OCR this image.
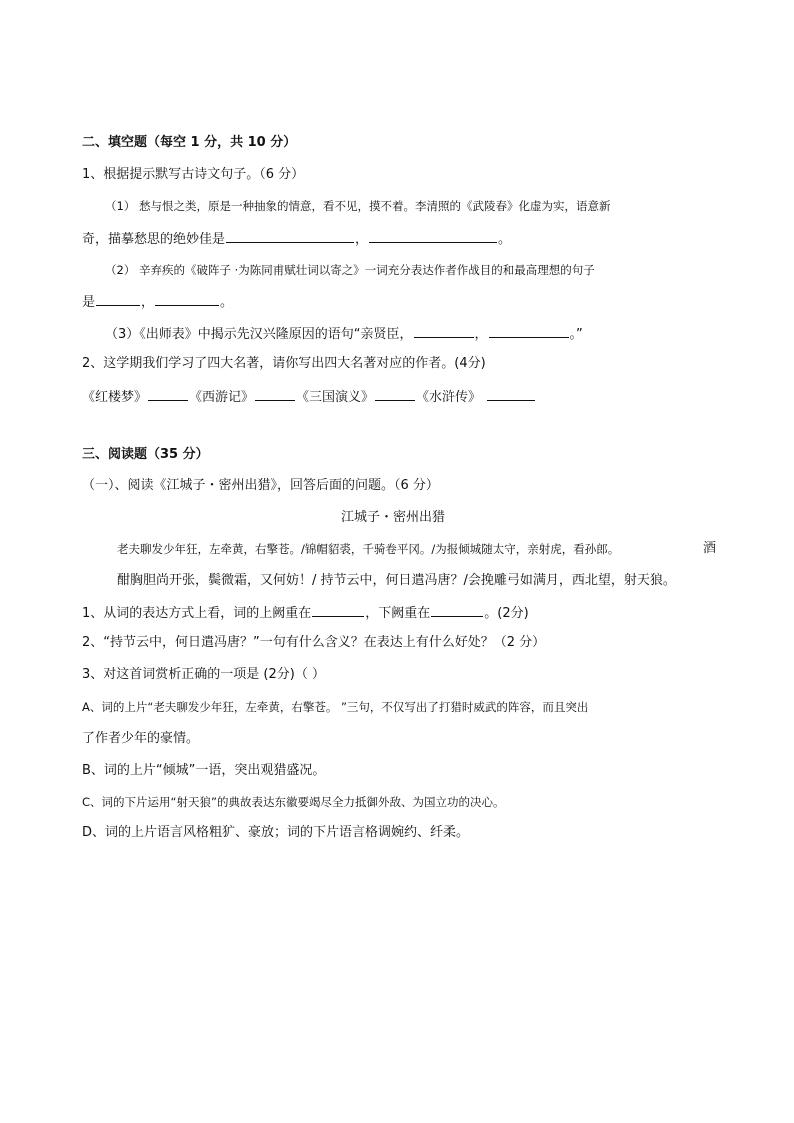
二、填空题（每空 1 分，共 10 分）
1、根据提示默写古诗文句子。（6 分）
（1） 愁与恨之类，原是一种抽象的情意，看不见，摸不着。李清照的《武陵春》化虚为实，语意新
奇，描摹愁思的绝妙佳是	，	。
（2） 辛弃疾的《破阵子 ·为陈同甫赋壮词以寄之》一词充分表达作者作战目的和最高理想的句子
是	，	。
（3）《出师表》中揭示先汉兴隆原因的语句“亲贤臣，	，	。”
2、这学期我们学习了四大名著，请你写出四大名著对应的作者。(4分)
《红楼梦》	《西游记》	《三国演义》	《水浒传》
三、阅读题（35 分）
（一）、阅读《江城子・密州出猎》，回答后面的问题。（6 分）
江城子・密州出猎
老夫聊发少年狂，左牵黄，右擎苍。/锦帽貂裘，千骑卷平冈。/为报倾城随太守，亲射虎，看孙郎。	酒
酣胸胆尚开张，鬓微霜，又何妨！/ 持节云中，何日遣冯唐？/会挽雕弓如满月，西北望，射天狼。
1、从词的表达方式上看，词的上阙重在	，下阙重在	。(2分)
2、“持节云中，何日遣冯唐？”一句有什么含义？在表达上有什么好处？（2 分）
3、对这首词赏析正确的一项是 (2分)（ ）
A、词的上片“老夫聊发少年狂，左牵黄，右擎苍。 ”三句，不仅写出了打猎时威武的阵容，而且突出
了作者少年的豪情。
B、词的上片“倾城”一语，突出观猎盛况。
C、词的下片运用“射天狼”的典故表达东徽要竭尽全力抵御外敌、为国立功的决心。
D、词的上片语言风格粗犷、豪放；词的下片语言格调婉约、纤柔。
